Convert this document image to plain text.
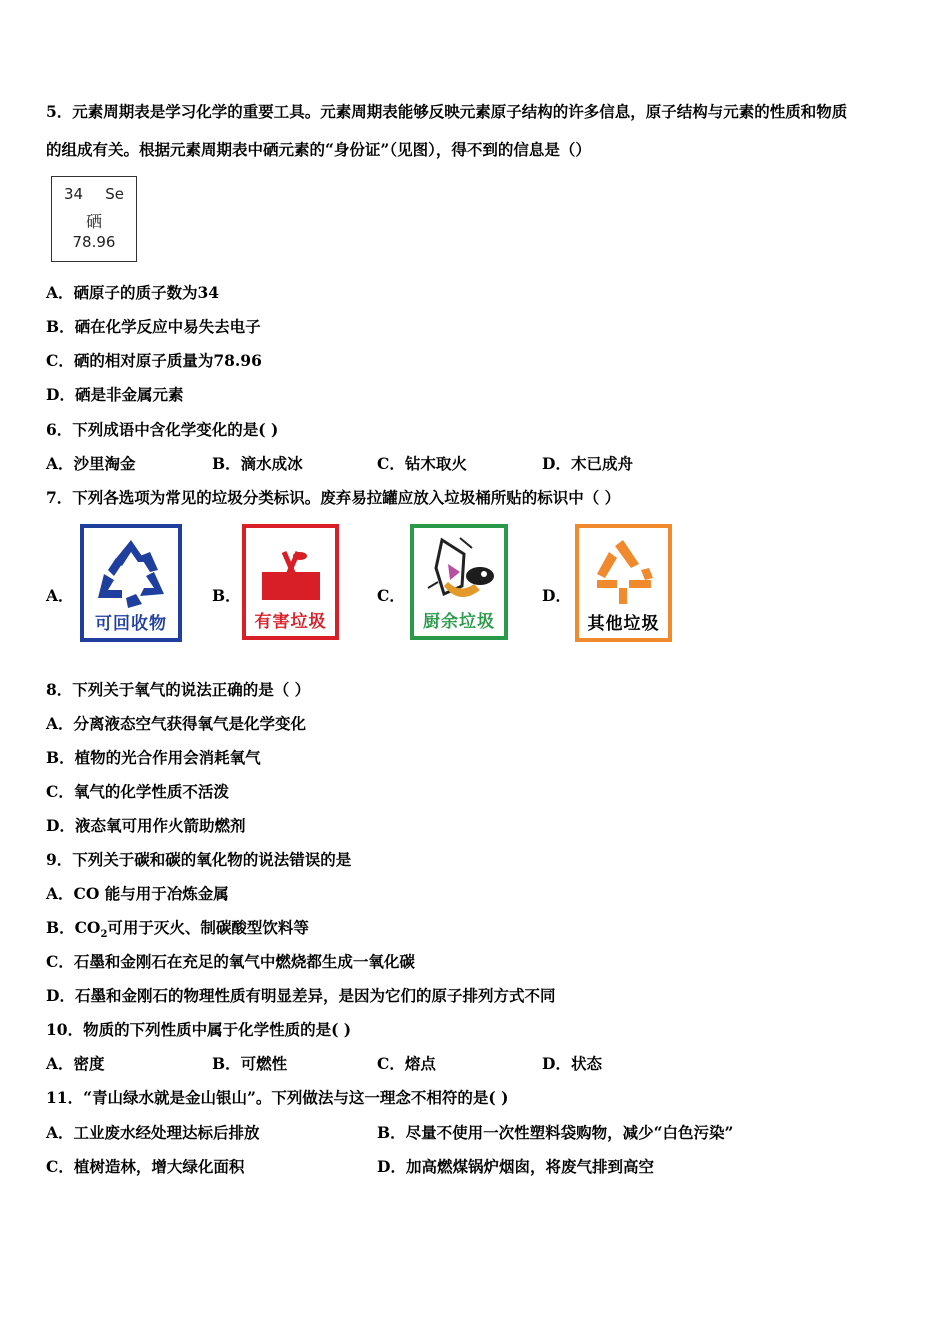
5．元素周期表是学习化学的重要工具。元素周期表能够反映元素原子结构的许多信息，原子结构与元素的性质和物质
的组成有关。根据元素周期表中硒元素的“身份证”（见图），得不到的信息是（）
34 Se
硒
78.96
A．硒原子的质子数为34
B．硒在化学反应中易失去电子
C．硒的相对原子质量为78.96
D．硒是非金属元素
6．下列成语中含化学变化的是( )
A．沙里淘金	B．滴水成冰	C．钻木取火	D．木已成舟
7．下列各选项为常见的垃圾分类标识。废弃易拉罐应放入垃圾桶所贴的标识中（ ）
A．
可回收物
B．
有害垃圾
C．
厨余垃圾
D．
其他垃圾
8．下列关于氧气的说法正确的是（ ）
A．分离液态空气获得氧气是化学变化
B．植物的光合作用会消耗氧气
C．氧气的化学性质不活泼
D．液态氧可用作火箭助燃剂
9．下列关于碳和碳的氧化物的说法错误的是
A．CO 能与用于冶炼金属
B．$CO_2$可用于灭火、制碳酸型饮料等
C．石墨和金刚石在充足的氧气中燃烧都生成一氧化碳
D．石墨和金刚石的物理性质有明显差异，是因为它们的原子排列方式不同
10．物质的下列性质中属于化学性质的是( )
A．密度	B．可燃性	C．熔点	D．状态
11．“青山绿水就是金山银山”。下列做法与这一理念不相符的是( )
A．工业废水经处理达标后排放	B．尽量不使用一次性塑料袋购物，减少“白色污染”
C．植树造林，增大绿化面积	D．加高燃煤锅炉烟囱，将废气排到高空
